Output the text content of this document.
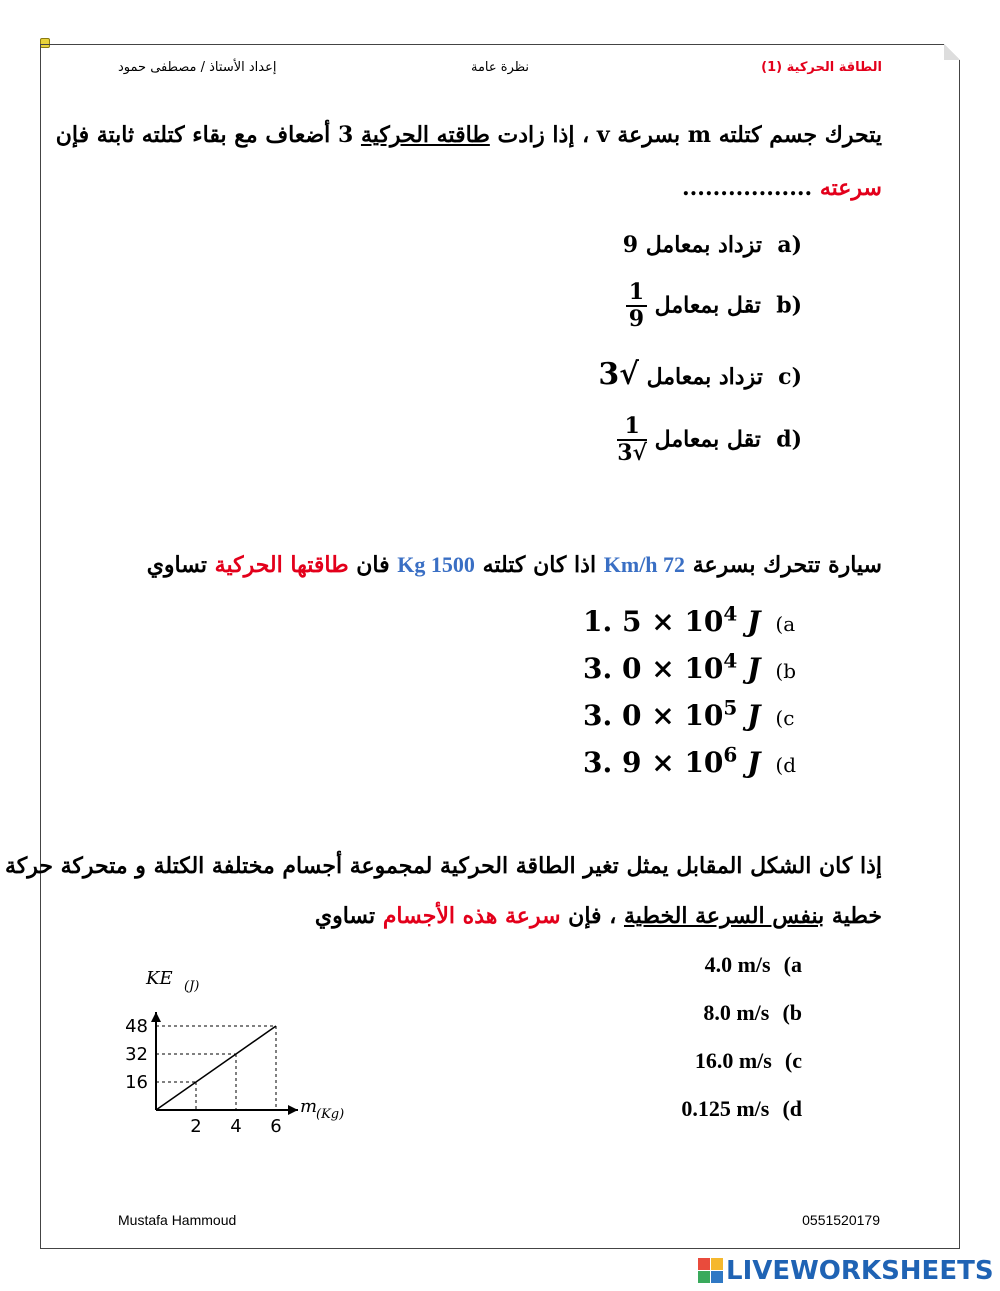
الطاقة الحركية (1)
نظرة عامة
إعداد الأستاذ / مصطفى حمود
يتحرك جسم كتلته m بسرعة v ، إذا زادت طاقته الحركية 3 أضعاف مع بقاء كتلته ثابتة فإن
سرعته .................
(a  تزداد بمعامل 9
(b  تقل بمعامل
$\frac{1}{9}$
(c  تزداد بمعامل √3
(d  تقل بمعامل
$\frac{1}{√3}$
سيارة تتحرك بسرعة 72 Km/h اذا كان كتلته 1500 Kg فان طاقتها الحركية تساوي
1. $5 \times 10^4$ J (a
3. $0 \times 10^4$ J (b
3. $0 \times 10^5$ J (c
3. $9 \times 10^6$ J (d
إذا كان الشكل المقابل يمثل تغير الطاقة الحركية لمجموعة أجسام مختلفة الكتلة و متحركة حركة
خطية بنفس السرعة الخطية ، فإن سرعة هذه الأجسام تساوي
4.0 m/s (a
8.0 m/s (b
16.0 m/s (c
0.125 m/s (d
2 4 6
16
32
48
KE (J)
m
(Kg)
Mustafa Hammoud	0551520179
LIVEWORKSHEETS
